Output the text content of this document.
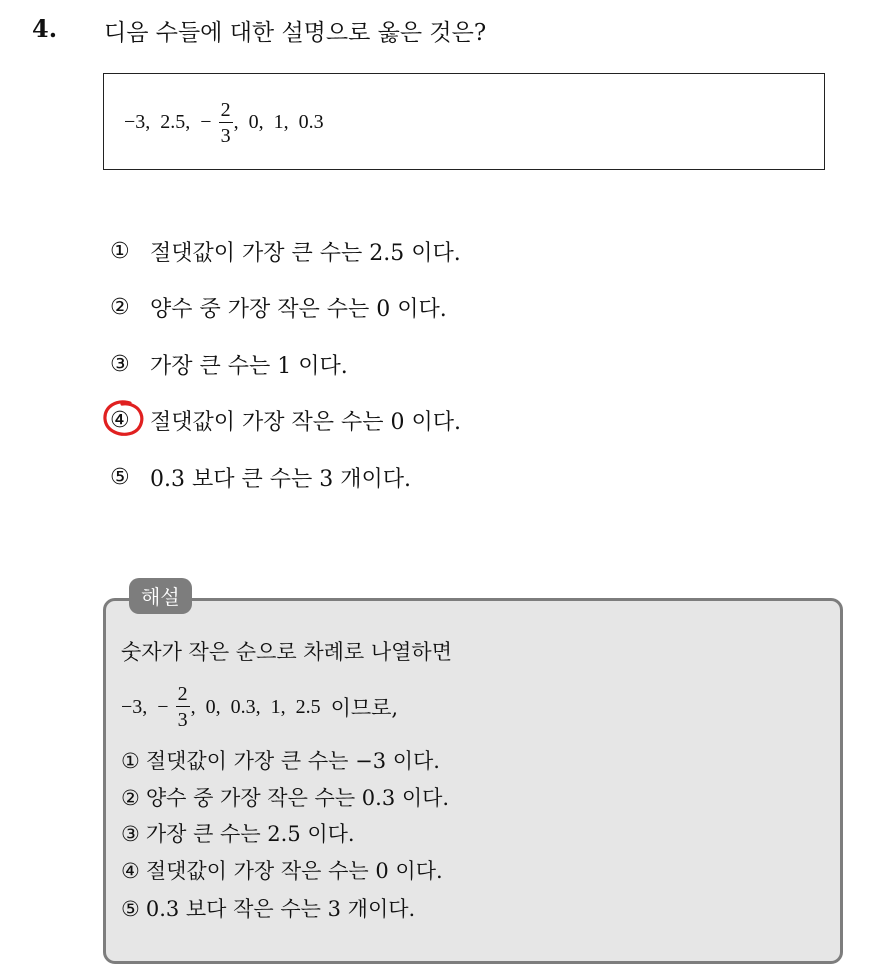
4. 디음 수들에 대한 설명으로 옳은 것은?
−3, 2.5, − $\frac{2}{3}$ , 0, 1, 0.3
① 절댓값이 가장 큰 수는 2.5 이다.
② 양수 중 가장 작은 수는 0 이다.
③ 가장 큰 수는 1 이다.
④ 절댓값이 가장 작은 수는 0 이다.
⑤ 0.3 보다 큰 수는 3 개이다.
해설
숫자가 작은 순으로 차례로 나열하면
−3, − $\frac{2}{3}$ , 0, 0.3, 1, 2.5 이므로,
① 절댓값이 가장 큰 수는 −3 이다.
② 양수 중 가장 작은 수는 0.3 이다.
③ 가장 큰 수는 2.5 이다.
④ 절댓값이 가장 작은 수는 0 이다.
⑤ 0.3 보다 작은 수는 3 개이다.
